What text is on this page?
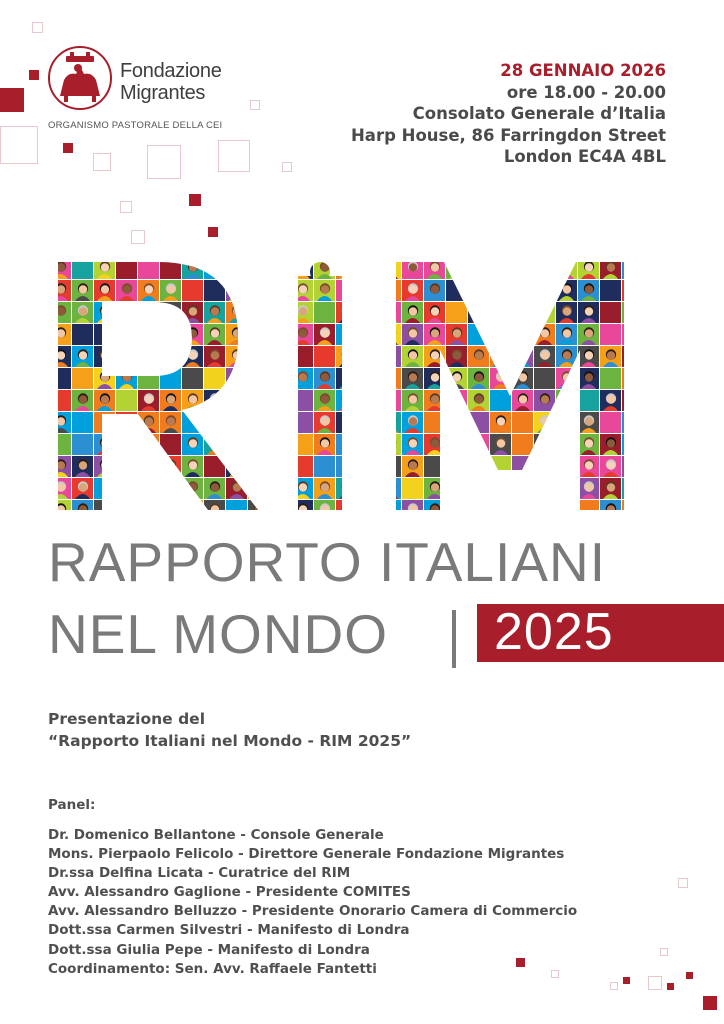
Fondazione
Migrantes
ORGANISMO PASTORALE DELLA CEI
28 GENNAIO 2026
ore 18.00 - 20.00
Consolato Generale d’Italia
Harp House, 86 Farringdon Street
London EC4A 4BL
RAPPORTO ITALIANI
NEL MONDO 2025
Presentazione del
“Rapporto Italiani nel Mondo - RIM 2025”
Panel:
Dr. Domenico Bellantone - Console Generale
Mons. Pierpaolo Felicolo - Direttore Generale Fondazione Migrantes
Dr.ssa Delfina Licata - Curatrice del RIM
Avv. Alessandro Gaglione - Presidente COMITES
Avv. Alessandro Belluzzo - Presidente Onorario Camera di Commercio
Dott.ssa Carmen Silvestri - Manifesto di Londra
Dott.ssa Giulia Pepe - Manifesto di Londra
Coordinamento: Sen. Avv. Raffaele Fantetti
